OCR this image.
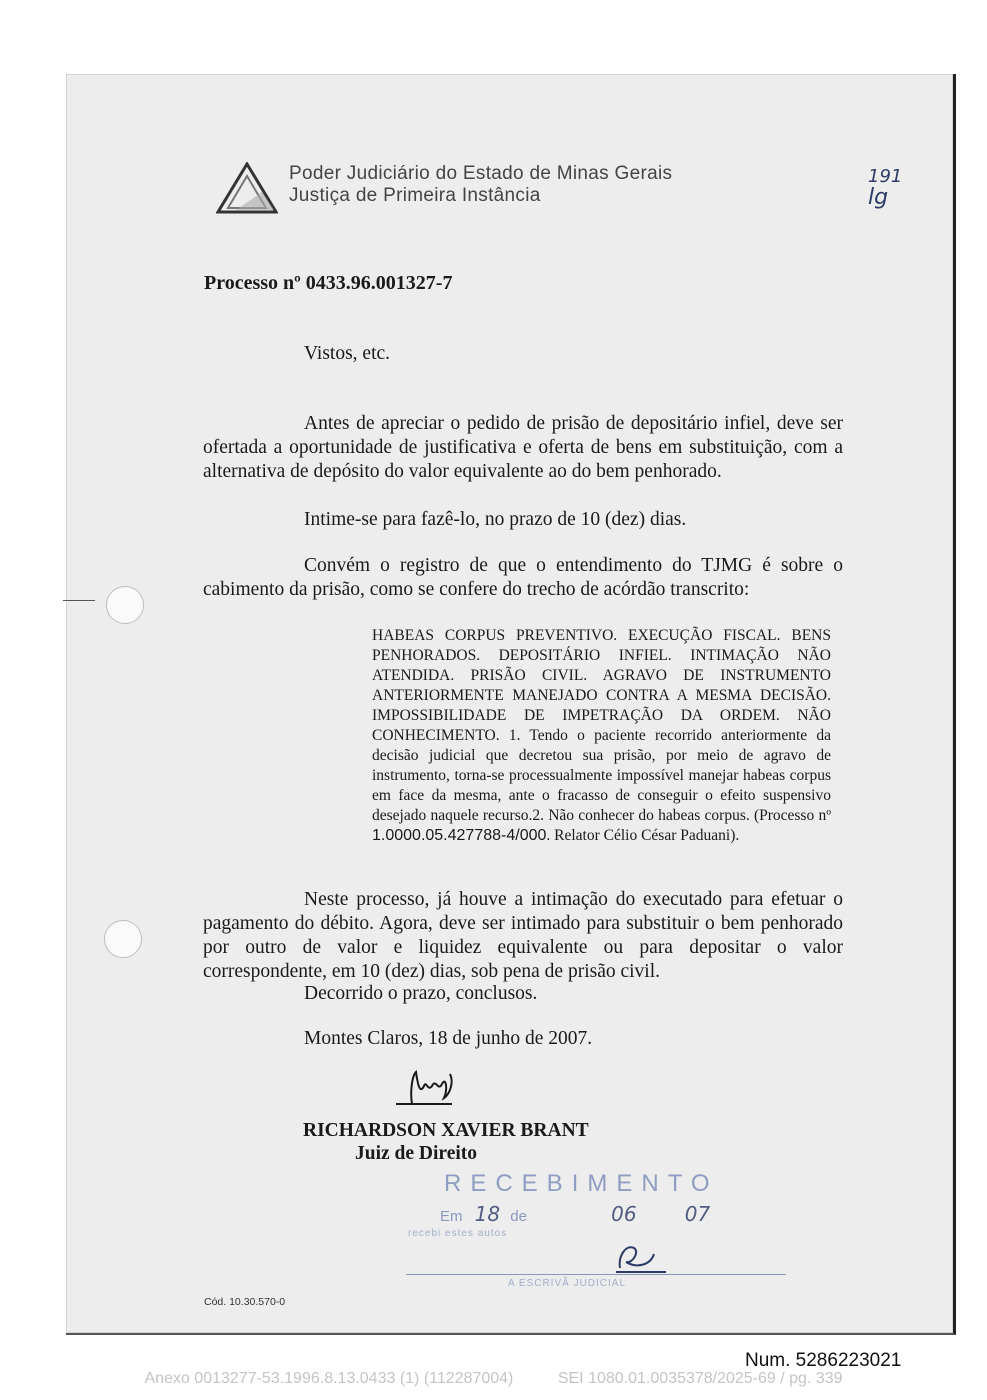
Poder Judiciário do Estado de Minas Gerais
Justiça de Primeira Instância
191
lg
Processo nº 0433.96.001327-7
Vistos, etc.
Antes de apreciar o pedido de prisão de depositário infiel, deve ser ofertada a oportunidade de justificativa e oferta de bens em substituição, com a alternativa de depósito do valor equivalente ao do bem penhorado.
Intime-se para fazê-lo, no prazo de 10 (dez) dias.
Convém o registro de que o entendimento do TJMG é sobre o cabimento da prisão, como se confere do trecho de acórdão transcrito:
HABEAS CORPUS PREVENTIVO. EXECUÇÃO FISCAL. BENS PENHORADOS. DEPOSITÁRIO INFIEL. INTIMAÇÃO NÃO ATENDIDA. PRISÃO CIVIL. AGRAVO DE INSTRUMENTO ANTERIORMENTE MANEJADO CONTRA A MESMA DECISÃO. IMPOSSIBILIDADE DE IMPETRAÇÃO DA ORDEM. NÃO CONHECIMENTO. 1. Tendo o paciente recorrido anteriormente da decisão judicial que decretou sua prisão, por meio de agravo de instrumento, torna-se processualmente impossível manejar habeas corpus em face da mesma, ante o fracasso de conseguir o efeito suspensivo desejado naquele recurso.2. Não conhecer do habeas corpus. (Processo nº 1.0000.05.427788-4/000. Relator Célio César Paduani).
Neste processo, já houve a intimação do executado para efetuar o pagamento do débito. Agora, deve ser intimado para substituir o bem penhorado por outro de valor e liquidez equivalente ou para depositar o valor correspondente, em 10 (dez) dias, sob pena de prisão civil.
Decorrido o prazo, conclusos.
Montes Claros, 18 de junho de 2007.
RICHARDSON XAVIER BRANT
Juiz de Direito
RECEBIMENTO
Em 18 de	06 07
recebi estes autos
A ESCRIVÃ JUDICIAL
Cód. 10.30.570-0
Num. 5286223021
Anexo 0013277-53.1996.8.13.0433 (1) (112287004)          SEI 1080.01.0035378/2025-69 / pg. 339
